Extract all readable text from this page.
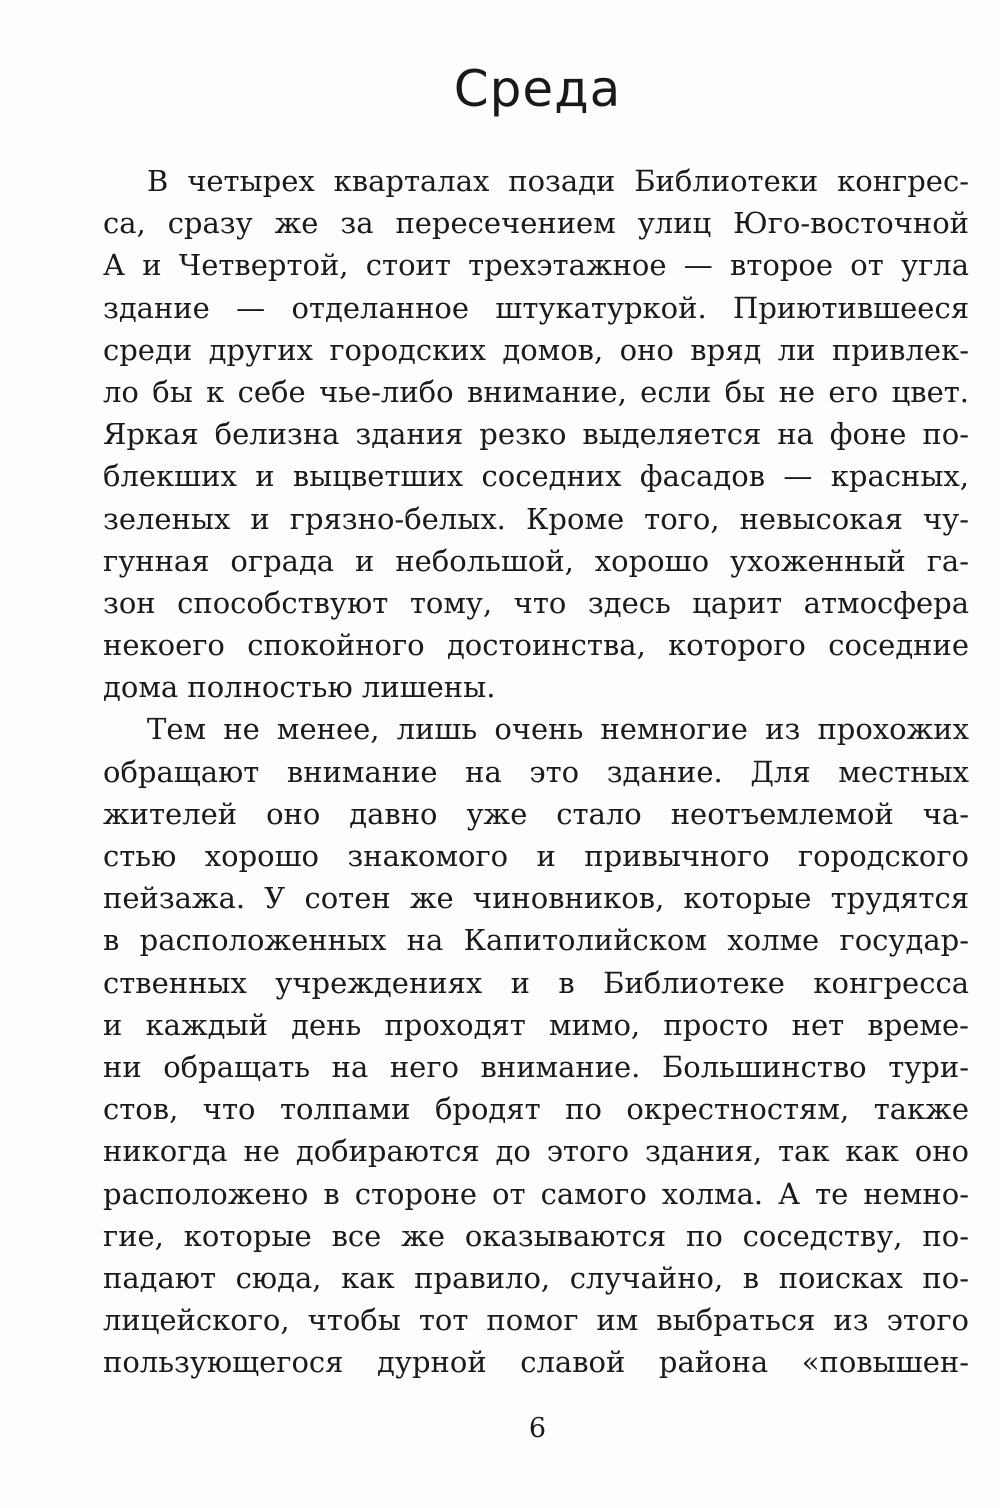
Среда
В четырех кварталах позади Библиотеки конгрес-
са, сразу же за пересечением улиц Юго-восточной
А и Четвертой, стоит трехэтажное — второе от угла
здание — отделанное штукатуркой. Приютившееся
среди других городских домов, оно вряд ли привлек-
ло бы к себе чье-либо внимание, если бы не его цвет.
Яркая белизна здания резко выделяется на фоне по-
блекших и выцветших соседних фасадов — красных,
зеленых и грязно-белых. Кроме того, невысокая чу-
гунная ограда и небольшой, хорошо ухоженный га-
зон способствуют тому, что здесь царит атмосфера
некоего спокойного достоинства, которого соседние
дома полностью лишены.
Тем не менее, лишь очень немногие из прохожих
обращают внимание на это здание. Для местных
жителей оно давно уже стало неотъемлемой ча-
стью хорошо знакомого и привычного городского
пейзажа. У сотен же чиновников, которые трудятся
в расположенных на Капитолийском холме государ-
ственных учреждениях и в Библиотеке конгресса
и каждый день проходят мимо, просто нет време-
ни обращать на него внимание. Большинство тури-
стов, что толпами бродят по окрестностям, также
никогда не добираются до этого здания, так как оно
расположено в стороне от самого холма. А те немно-
гие, которые все же оказываются по соседству, по-
падают сюда, как правило, случайно, в поисках по-
лицейского, чтобы тот помог им выбраться из этого
пользующегося дурной славой района «повышен-
6
